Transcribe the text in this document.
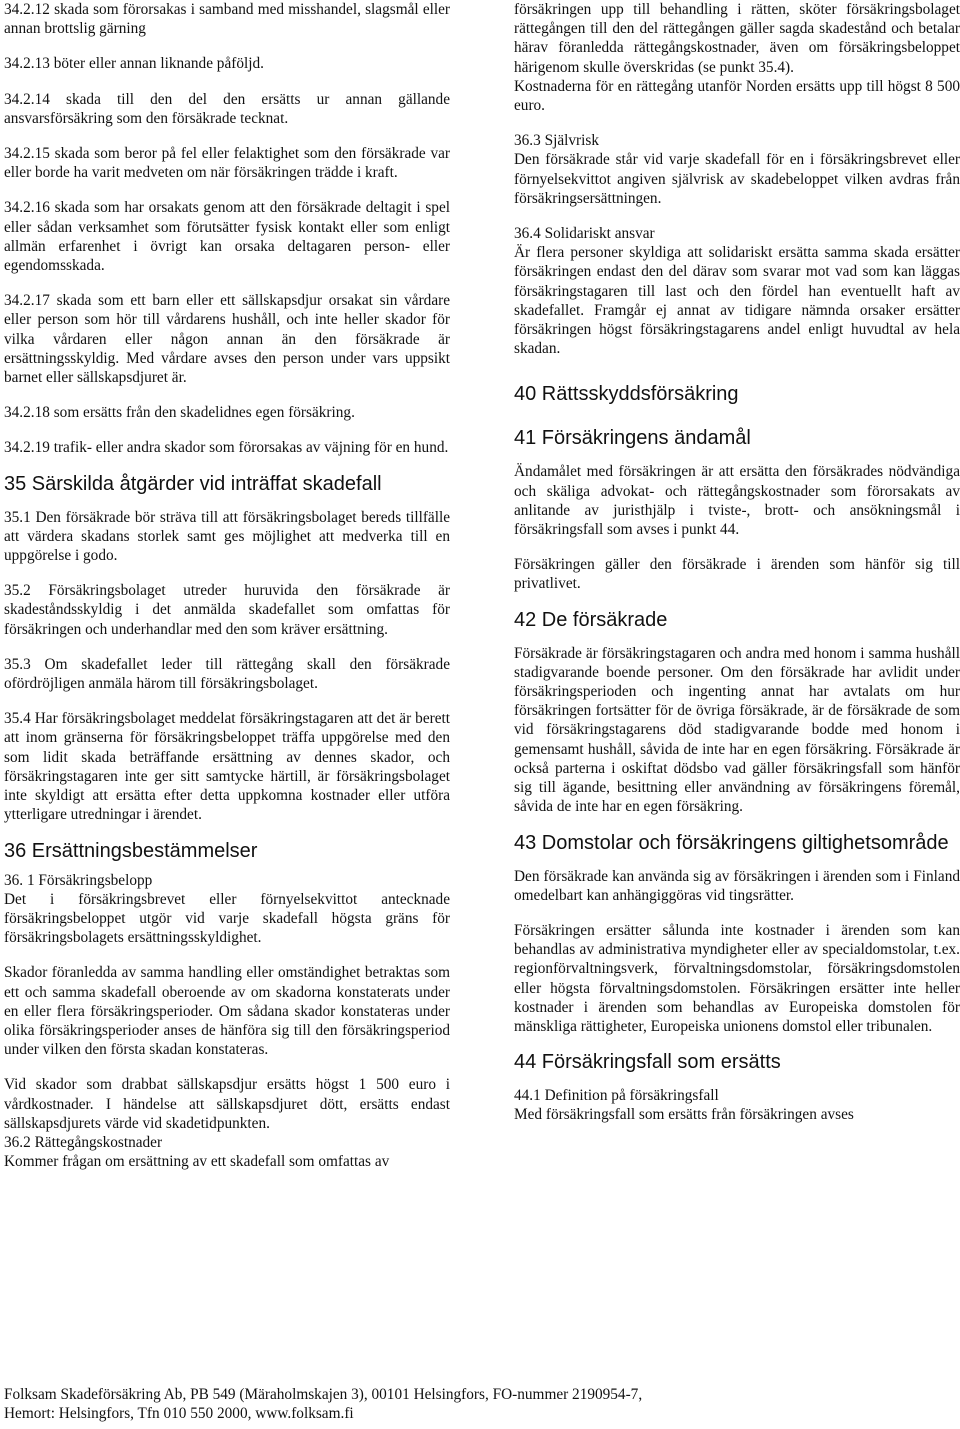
34.2.12 skada som förorsakas i samband med misshandel, slagsmål eller annan brottslig gärning

34.2.13 böter eller annan liknande påföljd.

34.2.14 skada till den del den ersätts ur annan gällande ansvarsförsäkring som den försäkrade tecknat.

34.2.15 skada som beror på fel eller felaktighet som den försäkrade var eller borde ha varit medveten om när försäkringen trädde i kraft.

34.2.16 skada som har orsakats genom att den försäkrade deltagit i spel eller sådan verksamhet som förutsätter fysisk kontakt eller som enligt allmän erfarenhet i övrigt kan orsaka deltagaren person- eller egendomsskada.

34.2.17 skada som ett barn eller ett sällskapsdjur orsakat sin vårdare eller person som hör till vårdarens hushåll, och inte heller skador för vilka vårdaren eller någon annan än den försäkrade är ersättningsskyldig. Med vårdare avses den person under vars uppsikt barnet eller sällskapsdjuret är.

34.2.18 som ersätts från den skadelidnes egen försäkring.

34.2.19 trafik- eller andra skador som förorsakas av väjning för en hund.

35 Särskilda åtgärder vid inträffat skadefall

35.1 Den försäkrade bör sträva till att försäkringsbolaget bereds tillfälle att värdera skadans storlek samt ges möjlighet att medverka till en uppgörelse i godo.

35.2 Försäkringsbolaget utreder huruvida den försäkrade är skadeståndsskyldig i det anmälda skadefallet som omfattas för försäkringen och underhandlar med den som kräver ersättning.

35.3 Om skadefallet leder till rättegång skall den försäkrade ofördröjligen anmäla härom till försäkringsbolaget.

35.4 Har försäkringsbolaget meddelat försäkringstagaren att det är berett att inom gränserna för försäkringsbeloppet träffa uppgörelse med den som lidit skada beträffande ersättning av dennes skador, och försäkringstagaren inte ger sitt samtycke härtill, är försäkringsbolaget inte skyldigt att ersätta efter detta uppkomna kostnader eller utföra ytterligare utredningar i ärendet.

36 Ersättningsbestämmelser

36. 1 Försäkringsbelopp

Det i försäkringsbrevet eller förnyelsekvittot antecknade försäkringsbeloppet utgör vid varje skadefall högsta gräns för försäkringsbolagets ersättningsskyldighet.

Skador föranledda av samma handling eller omständighet betraktas som ett och samma skadefall oberoende av om skadorna konstaterats under en eller flera försäkringsperioder. Om sådana skador konstateras under olika försäkringsperioder anses de hänföra sig till den försäkringsperiod under vilken den första skadan konstateras.

Vid skador som drabbat sällskapsdjur ersätts högst 1 500 euro i vårdkostnader. I händelse att sällskapsdjuret dött, ersätts endast sällskapsdjurets värde vid skadetidpunkten.

36.2 Rättegångskostnader

Kommer frågan om ersättning av ett skadefall som omfattas av

försäkringen upp till behandling i rätten, sköter försäkringsbolaget rättegången till den del rättegången gäller sagda skadestånd och betalar härav föranledda rättegångskostnader, även om försäkringsbeloppet härigenom skulle överskridas (se punkt 35.4).

Kostnaderna för en rättegång utanför Norden ersätts upp till högst 8 500 euro.

36.3 Självrisk

Den försäkrade står vid varje skadefall för en i försäkringsbrevet eller förnyelsekvittot angiven självrisk av skadebeloppet vilken avdras från försäkringsersättningen.

36.4 Solidariskt ansvar

Är flera personer skyldiga att solidariskt ersätta samma skada ersätter försäkringen endast den del därav som svarar mot vad som kan läggas försäkringstagaren till last och den fördel han eventuellt haft av skadefallet. Framgår ej annat av tidigare nämnda orsaker ersätter försäkringen högst försäkringstagarens andel enligt huvudtal av hela skadan.

40 Rättsskyddsförsäkring
41 Försäkringens ändamål

Ändamålet med försäkringen är att ersätta den försäkrades nödvändiga och skäliga advokat- och rättegångskostnader som förorsakats av anlitande av juristhjälp i tviste-, brott- och ansökningsmål i försäkringsfall som avses i punkt 44.

Försäkringen gäller den försäkrade i ärenden som hänför sig till privatlivet.

42 De försäkrade

Försäkrade är försäkringstagaren och andra med honom i samma hushåll stadigvarande boende personer. Om den försäkrade har avlidit under försäkringsperioden och ingenting annat har avtalats om hur försäkringen fortsätter för de övriga försäkrade, är de försäkrade de som vid försäkringstagarens död stadigvarande bodde med honom i gemensamt hushåll, såvida de inte har en egen försäkring. Försäkrade är också parterna i oskiftat dödsbo vad gäller försäkringsfall som hänför sig till ägande, besittning eller användning av försäkringens föremål, såvida de inte har en egen försäkring.

43 Domstolar och försäkringens giltighetsområde

Den försäkrade kan använda sig av försäkringen i ärenden som i Finland omedelbart kan anhängiggöras vid tingsrätter.

Försäkringen ersätter sålunda inte kostnader i ärenden som kan behandlas av administrativa myndigheter eller av specialdomstolar, t.ex. regionförvaltningsverk, förvaltningsdomstolar, försäkringsdomstolen eller högsta förvaltningsdomstolen. Försäkringen ersätter inte heller kostnader i ärenden som behandlas av Europeiska domstolen för mänskliga rättigheter, Europeiska unionens domstol eller tribunalen.

44 Försäkringsfall som ersätts

44.1 Definition på försäkringsfall

Med försäkringsfall som ersätts från försäkringen avses

Folksam Skadeförsäkring Ab, PB 549 (Märaholmskajen 3), 00101 Helsingfors, FO-nummer 2190954-7,
Hemort: Helsingfors, Tfn 010 550 2000, www.folksam.fi
